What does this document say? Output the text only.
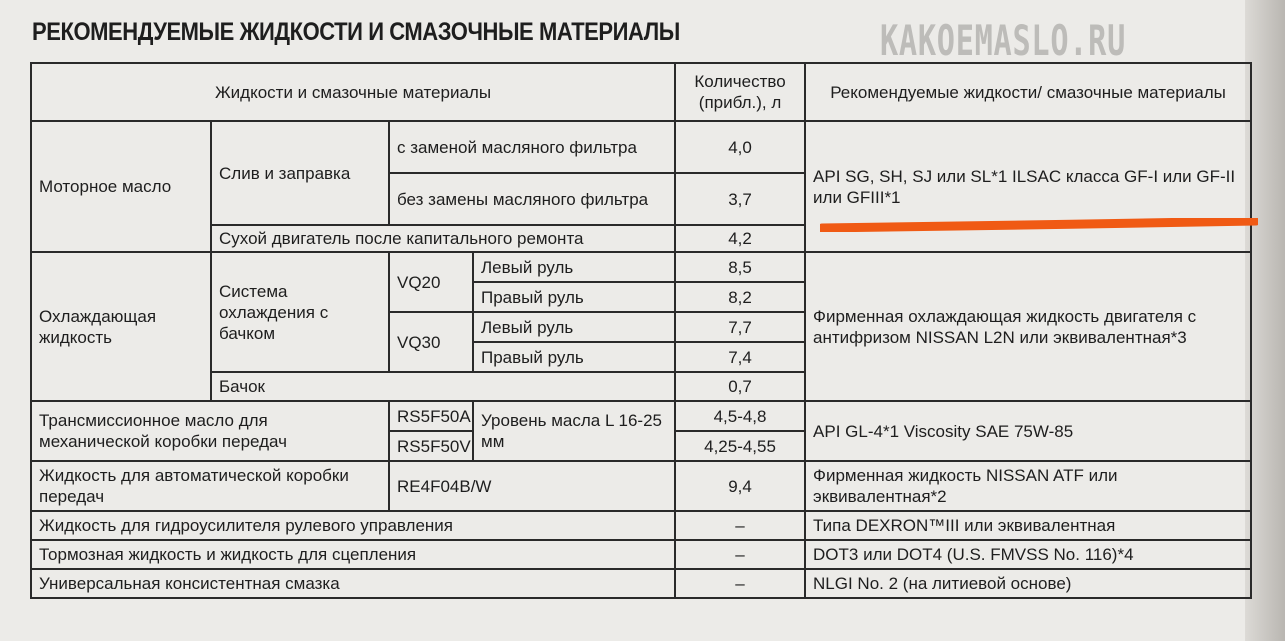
РЕКОМЕНДУЕМЫЕ ЖИДКОСТИ И СМАЗОЧНЫЕ МАТЕРИАЛЫ	KAKOEMASLO.RU
Жидкости и смазочные материалы				Количество (прибл.), л	Рекомендуемые жидкости/ смазочные материалы
Моторное масло	Слив и заправка	с заменой масляного фильтра		4,0	API SG, SH, SJ или SL*1 ILSAC класса GF-I или GF-II или GFIII*1
		без замены масляного фильтра		3,7	
	Сухой двигатель после капитального ремонта			4,2	
Охлаждающая жидкость	Система охлаждения с бачком	VQ20	Левый руль	8,5	Фирменная охлаждающая жидкость двигателя с антифризом NISSAN L2N или эквивалентная*3
			Правый руль	8,2	
		VQ30	Левый руль	7,7	
			Правый руль	7,4	
	Бачок			0,7	
Трансмиссионное масло для механической коробки передач		RS5F50A	Уровень масла L 16-25 мм	4,5-4,8	API GL-4*1 Viscosity SAE 75W-85
		RS5F50V		4,25-4,55	
Жидкость для автоматической коробки передач		RE4F04B/W		9,4	Фирменная жидкость NISSAN ATF или эквивалентная*2
Жидкость для гидроусилителя рулевого управления				–	Типа DEXRON™III или эквивалентная
Тормозная жидкость и жидкость для сцепления				–	DOT3 или DOT4 (U.S. FMVSS No. 116)*4
Универсальная консистентная смазка				–	NLGI No. 2 (на литиевой основе)
